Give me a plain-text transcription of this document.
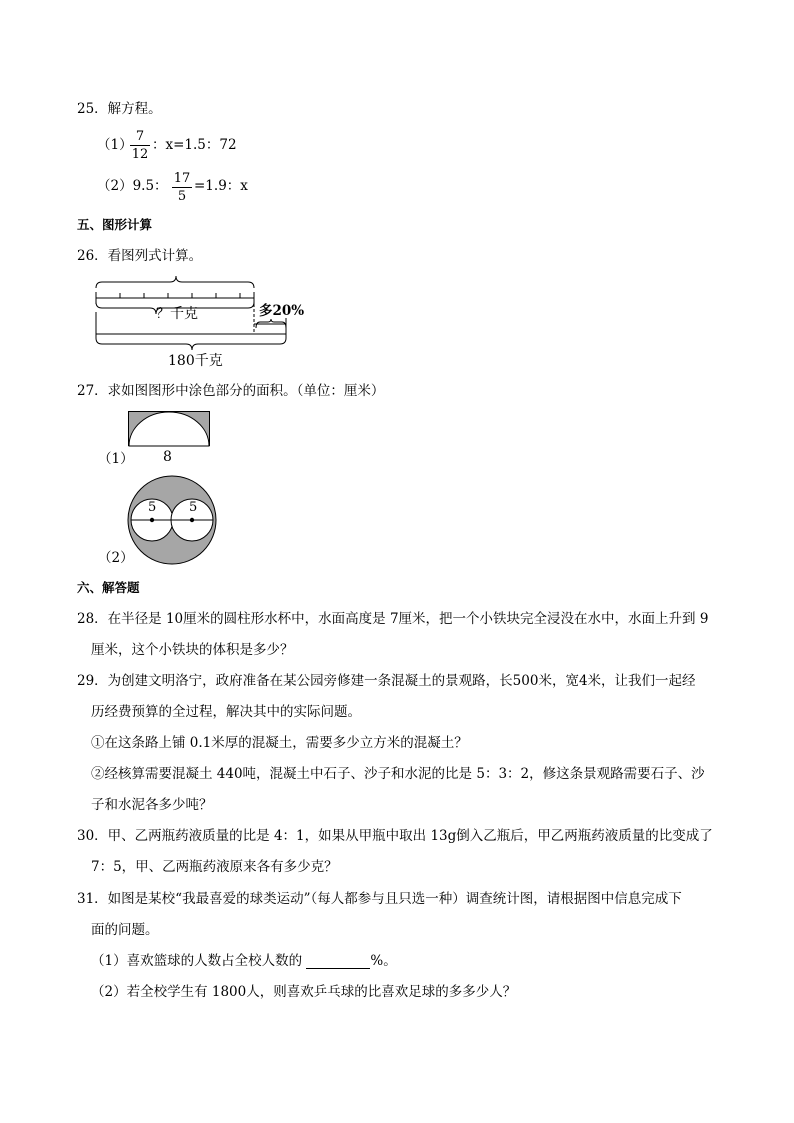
25．解方程。
（1）
7
12
：x=1.5：72
（2）9.5： 17
5
=1.9：x
五、图形计算
26．看图列式计算。
？千克	多20%
180千克
27．求如图图形中涂色部分的面积。（单位：厘米）
（1） 8
5	5
（2）
六、解答题
28．在半径是 10厘米的圆柱形水杯中，水面高度是 7厘米，把一个小铁块完全浸没在水中，水面上升到 9
厘米，这个小铁块的体积是多少？
29．为创建文明洛宁，政府准备在某公园旁修建一条混凝土的景观路，长500米，宽4米，让我们一起经
历经费预算的全过程，解决其中的实际问题。
①在这条路上铺 0.1米厚的混凝土，需要多少立方米的混凝土？
②经核算需要混凝土 440吨，混凝土中石子、沙子和水泥的比是 5：3：2，修这条景观路需要石子、沙
子和水泥各多少吨？
30．甲、乙两瓶药液质量的比是 4：1，如果从甲瓶中取出 13g倒入乙瓶后，甲乙两瓶药液质量的比变成了
7：5，甲、乙两瓶药液原来各有多少克？
31．如图是某校“我最喜爱的球类运动”（每人都参与且只选一种）调查统计图，请根据图中信息完成下
面的问题。
（1）喜欢篮球的人数占全校人数的	%。
（2）若全校学生有 1800人，则喜欢乒乓球的比喜欢足球的多多少人？
